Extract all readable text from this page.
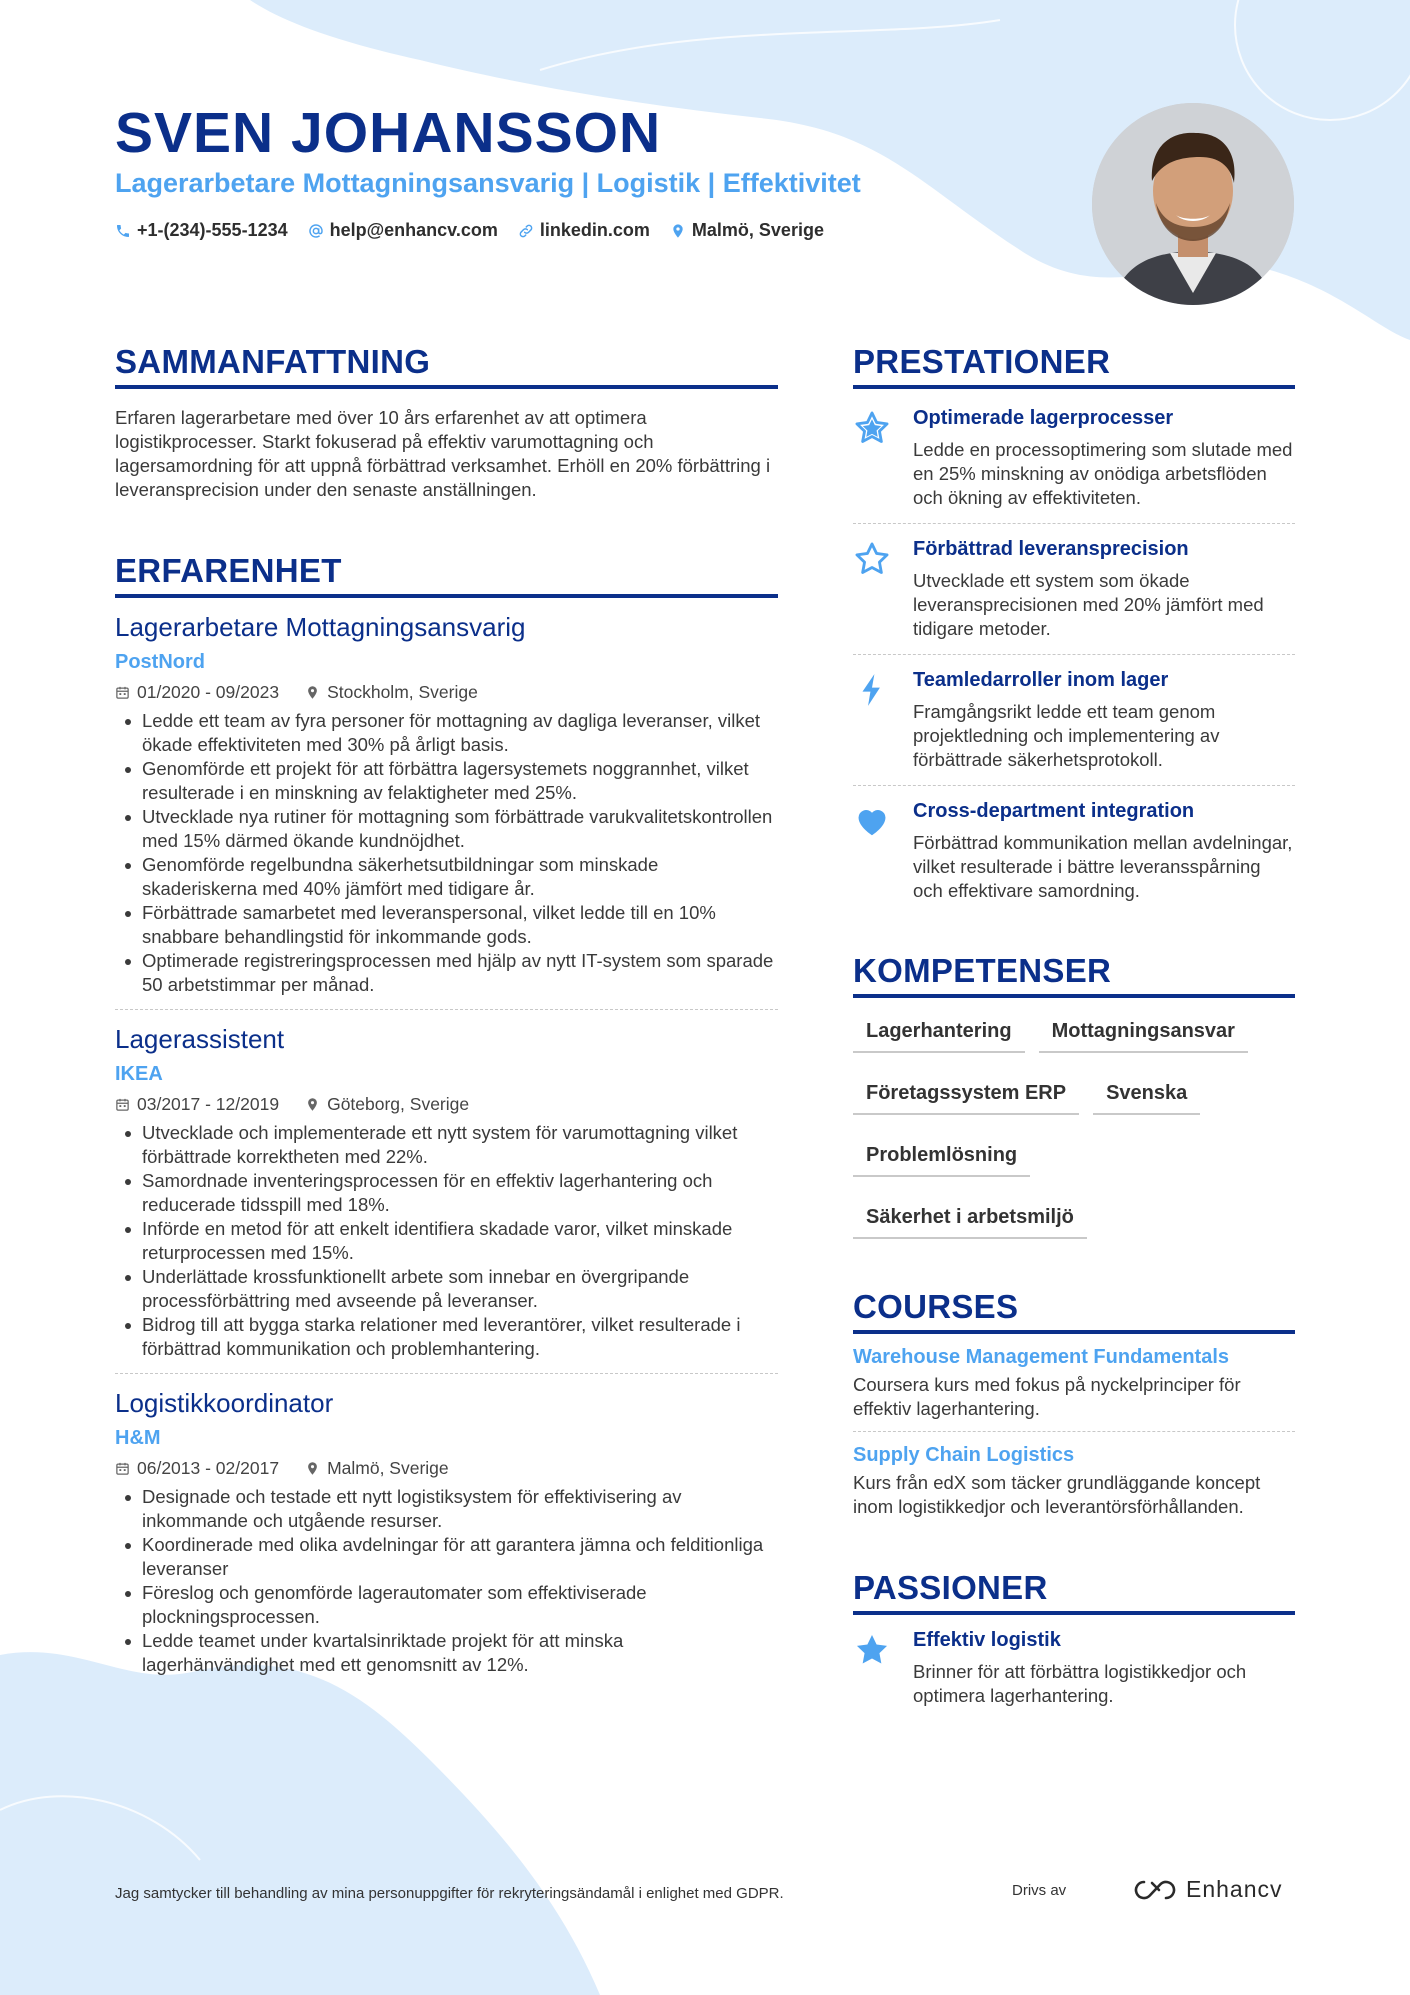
SVEN JOHANSSON
Lagerarbetare Mottagningsansvarig | Logistik | Effektivitet
+1-(234)-555-1234 help@enhancv.com linkedin.com Malmö, Sverige
SAMMANFATTNING
Erfaren lagerarbetare med över 10 års erfarenhet av att optimera logistikprocesser. Starkt fokuserad på effektiv varumottagning och lagersamordning för att uppnå förbättrad verksamhet. Erhöll en 20% förbättring i leveransprecision under den senaste anställningen.
ERFARENHET
Lagerarbetare Mottagningsansvarig
PostNord
01/2020 - 09/2023	Stockholm, Sverige
Ledde ett team av fyra personer för mottagning av dagliga leveranser, vilket ökade effektiviteten med 30% på årligt basis.
Genomförde ett projekt för att förbättra lagersystemets noggrannhet, vilket resulterade i en minskning av felaktigheter med 25%.
Utvecklade nya rutiner för mottagning som förbättrade varukvalitetskontrollen med 15% därmed ökande kundnöjdhet.
Genomförde regelbundna säkerhetsutbildningar som minskade skaderiskerna med 40% jämfört med tidigare år.
Förbättrade samarbetet med leveranspersonal, vilket ledde till en 10% snabbare behandlingstid för inkommande gods.
Optimerade registreringsprocessen med hjälp av nytt IT-system som sparade 50 arbetstimmar per månad.
Lagerassistent
IKEA
03/2017 - 12/2019	Göteborg, Sverige
Utvecklade och implementerade ett nytt system för varumottagning vilket förbättrade korrektheten med 22%.
Samordnade inventeringsprocessen för en effektiv lagerhantering och reducerade tidsspill med 18%.
Införde en metod för att enkelt identifiera skadade varor, vilket minskade returprocessen med 15%.
Underlättade krossfunktionellt arbete som innebar en övergripande processförbättring med avseende på leveranser.
Bidrog till att bygga starka relationer med leverantörer, vilket resulterade i förbättrad kommunikation och problemhantering.
Logistikkoordinator
H&M
06/2013 - 02/2017	Malmö, Sverige
Designade och testade ett nytt logistiksystem för effektivisering av inkommande och utgående resurser.
Koordinerade med olika avdelningar för att garantera jämna och felditionliga leveranser
Föreslog och genomförde lagerautomater som effektiviserade plockningsprocessen.
Ledde teamet under kvartalsinriktade projekt för att minska lagerhänvändighet med ett genomsnitt av 12%.
PRESTATIONER
Optimerade lagerprocesser
Ledde en processoptimering som slutade med en 25% minskning av onödiga arbetsflöden och ökning av effektiviteten.
Förbättrad leveransprecision
Utvecklade ett system som ökade leveransprecisionen med 20% jämfört med tidigare metoder.
Teamledarroller inom lager
Framgångsrikt ledde ett team genom projektledning och implementering av förbättrade säkerhetsprotokoll.
Cross-department integration
Förbättrad kommunikation mellan avdelningar, vilket resulterade i bättre leveransspårning och effektivare samordning.
KOMPETENSER
Lagerhantering	Mottagningsansvar
Företagssystem ERP	Svenska
Problemlösning
Säkerhet i arbetsmiljö
COURSES
Warehouse Management Fundamentals
Coursera kurs med fokus på nyckelprinciper för effektiv lagerhantering.
Supply Chain Logistics
Kurs från edX som täcker grundläggande koncept inom logistikkedjor och leverantörsförhållanden.
PASSIONER
Effektiv logistik
Brinner för att förbättra logistikkedjor och optimera lagerhantering.
Jag samtycker till behandling av mina personuppgifter för rekryteringsändamål i enlighet med GDPR.	Drivs av	Enhancv
